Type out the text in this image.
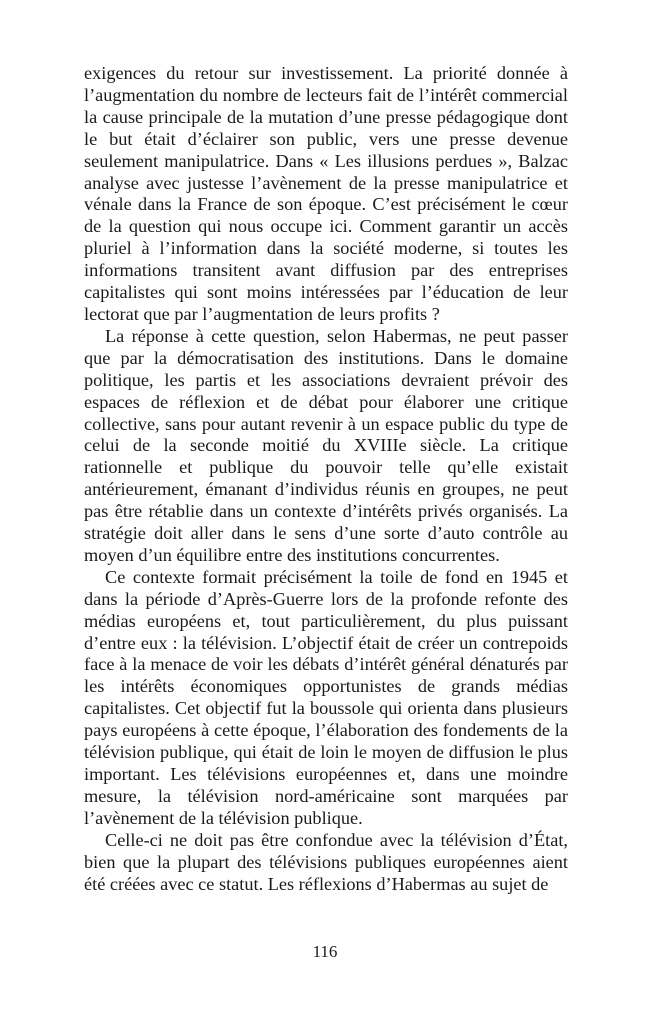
exigences du retour sur investissement. La priorité donnée à l’augmentation du nombre de lecteurs fait de l’intérêt commercial la cause principale de la mutation d’une presse pédagogique dont le but était d’éclairer son public, vers une presse devenue seulement manipulatrice. Dans « Les illusions perdues », Balzac analyse avec justesse l’avènement de la presse manipulatrice et vénale dans la France de son époque. C’est précisément le cœur de la question qui nous occupe ici. Comment garantir un accès pluriel à l’information dans la société moderne, si toutes les informations transitent avant diffusion par des entreprises capitalistes qui sont moins intéressées par l’éducation de leur lectorat que par l’augmentation de leurs profits ?

La réponse à cette question, selon Habermas, ne peut passer que par la démocratisation des institutions. Dans le domaine politique, les partis et les associations devraient prévoir des espaces de réflexion et de débat pour élaborer une critique collective, sans pour autant revenir à un espace public du type de celui de la seconde moitié du XVIIIe siècle. La critique rationnelle et publique du pouvoir telle qu’elle existait antérieurement, émanant d’individus réunis en groupes, ne peut pas être rétablie dans un contexte d’intérêts privés organisés. La stratégie doit aller dans le sens d’une sorte d’auto contrôle au moyen d’un équilibre entre des institutions concurrentes.

Ce contexte formait précisément la toile de fond en 1945 et dans la période d’Après-Guerre lors de la profonde refonte des médias européens et, tout particulièrement, du plus puissant d’entre eux : la télévision. L’objectif était de créer un contrepoids face à la menace de voir les débats d’intérêt général dénaturés par les intérêts économiques opportunistes de grands médias capitalistes. Cet objectif fut la boussole qui orienta dans plusieurs pays européens à cette époque, l’élaboration des fondements de la télévision publique, qui était de loin le moyen de diffusion le plus important. Les télévisions européennes et, dans une moindre mesure, la télévision nord-américaine sont marquées par l’avènement de la télévision publique.

Celle-ci ne doit pas être confondue avec la télévision d’État, bien que la plupart des télévisions publiques européennes aient été créées avec ce statut. Les réflexions d’Habermas au sujet de

116
